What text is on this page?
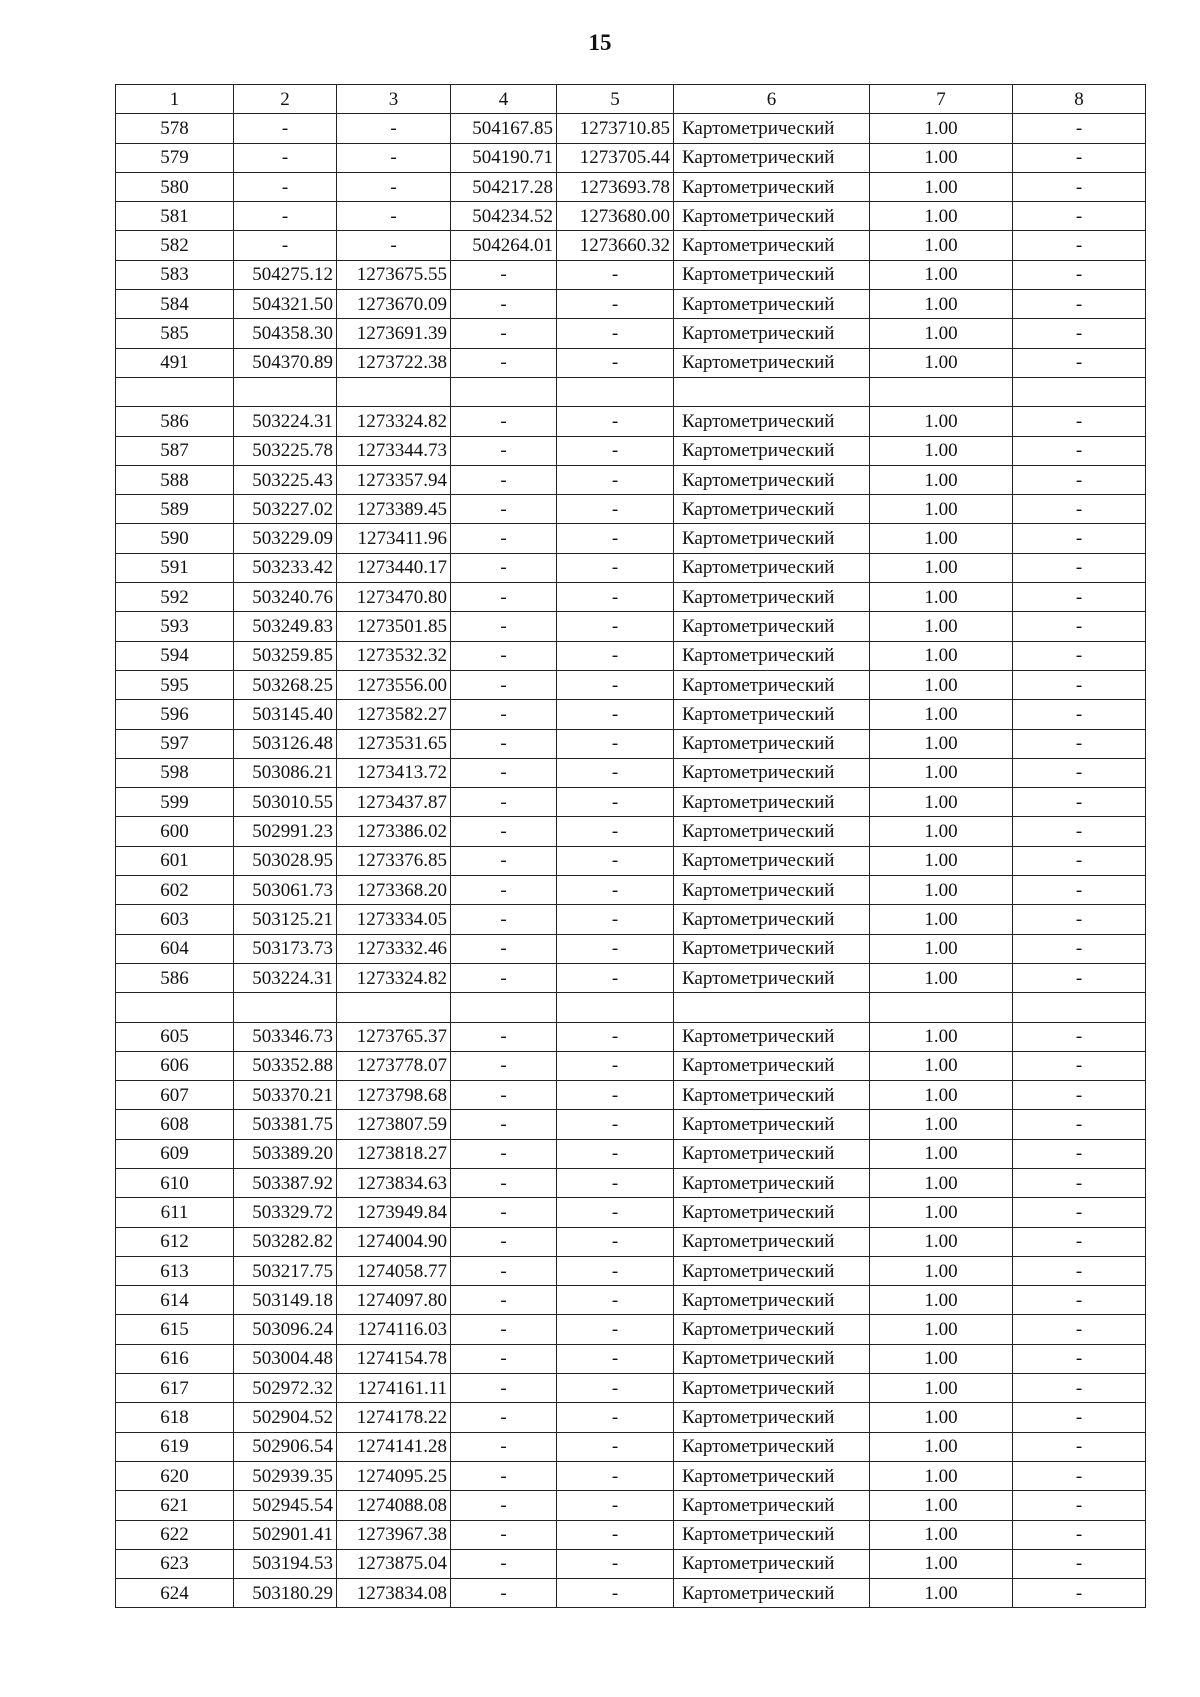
15
1	2	3	4	5	6	7	8
578	-	-	504167.85	1273710.85	Картометрический	1.00	-
579	-	-	504190.71	1273705.44	Картометрический	1.00	-
580	-	-	504217.28	1273693.78	Картометрический	1.00	-
581	-	-	504234.52	1273680.00	Картометрический	1.00	-
582	-	-	504264.01	1273660.32	Картометрический	1.00	-
583	504275.12	1273675.55	-	-	Картометрический	1.00	-
584	504321.50	1273670.09	-	-	Картометрический	1.00	-
585	504358.30	1273691.39	-	-	Картометрический	1.00	-
491	504370.89	1273722.38	-	-	Картометрический	1.00	-

586	503224.31	1273324.82	-	-	Картометрический	1.00	-
587	503225.78	1273344.73	-	-	Картометрический	1.00	-
588	503225.43	1273357.94	-	-	Картометрический	1.00	-
589	503227.02	1273389.45	-	-	Картометрический	1.00	-
590	503229.09	1273411.96	-	-	Картометрический	1.00	-
591	503233.42	1273440.17	-	-	Картометрический	1.00	-
592	503240.76	1273470.80	-	-	Картометрический	1.00	-
593	503249.83	1273501.85	-	-	Картометрический	1.00	-
594	503259.85	1273532.32	-	-	Картометрический	1.00	-
595	503268.25	1273556.00	-	-	Картометрический	1.00	-
596	503145.40	1273582.27	-	-	Картометрический	1.00	-
597	503126.48	1273531.65	-	-	Картометрический	1.00	-
598	503086.21	1273413.72	-	-	Картометрический	1.00	-
599	503010.55	1273437.87	-	-	Картометрический	1.00	-
600	502991.23	1273386.02	-	-	Картометрический	1.00	-
601	503028.95	1273376.85	-	-	Картометрический	1.00	-
602	503061.73	1273368.20	-	-	Картометрический	1.00	-
603	503125.21	1273334.05	-	-	Картометрический	1.00	-
604	503173.73	1273332.46	-	-	Картометрический	1.00	-
586	503224.31	1273324.82	-	-	Картометрический	1.00	-

605	503346.73	1273765.37	-	-	Картометрический	1.00	-
606	503352.88	1273778.07	-	-	Картометрический	1.00	-
607	503370.21	1273798.68	-	-	Картометрический	1.00	-
608	503381.75	1273807.59	-	-	Картометрический	1.00	-
609	503389.20	1273818.27	-	-	Картометрический	1.00	-
610	503387.92	1273834.63	-	-	Картометрический	1.00	-
611	503329.72	1273949.84	-	-	Картометрический	1.00	-
612	503282.82	1274004.90	-	-	Картометрический	1.00	-
613	503217.75	1274058.77	-	-	Картометрический	1.00	-
614	503149.18	1274097.80	-	-	Картометрический	1.00	-
615	503096.24	1274116.03	-	-	Картометрический	1.00	-
616	503004.48	1274154.78	-	-	Картометрический	1.00	-
617	502972.32	1274161.11	-	-	Картометрический	1.00	-
618	502904.52	1274178.22	-	-	Картометрический	1.00	-
619	502906.54	1274141.28	-	-	Картометрический	1.00	-
620	502939.35	1274095.25	-	-	Картометрический	1.00	-
621	502945.54	1274088.08	-	-	Картометрический	1.00	-
622	502901.41	1273967.38	-	-	Картометрический	1.00	-
623	503194.53	1273875.04	-	-	Картометрический	1.00	-
624	503180.29	1273834.08	-	-	Картометрический	1.00	-
